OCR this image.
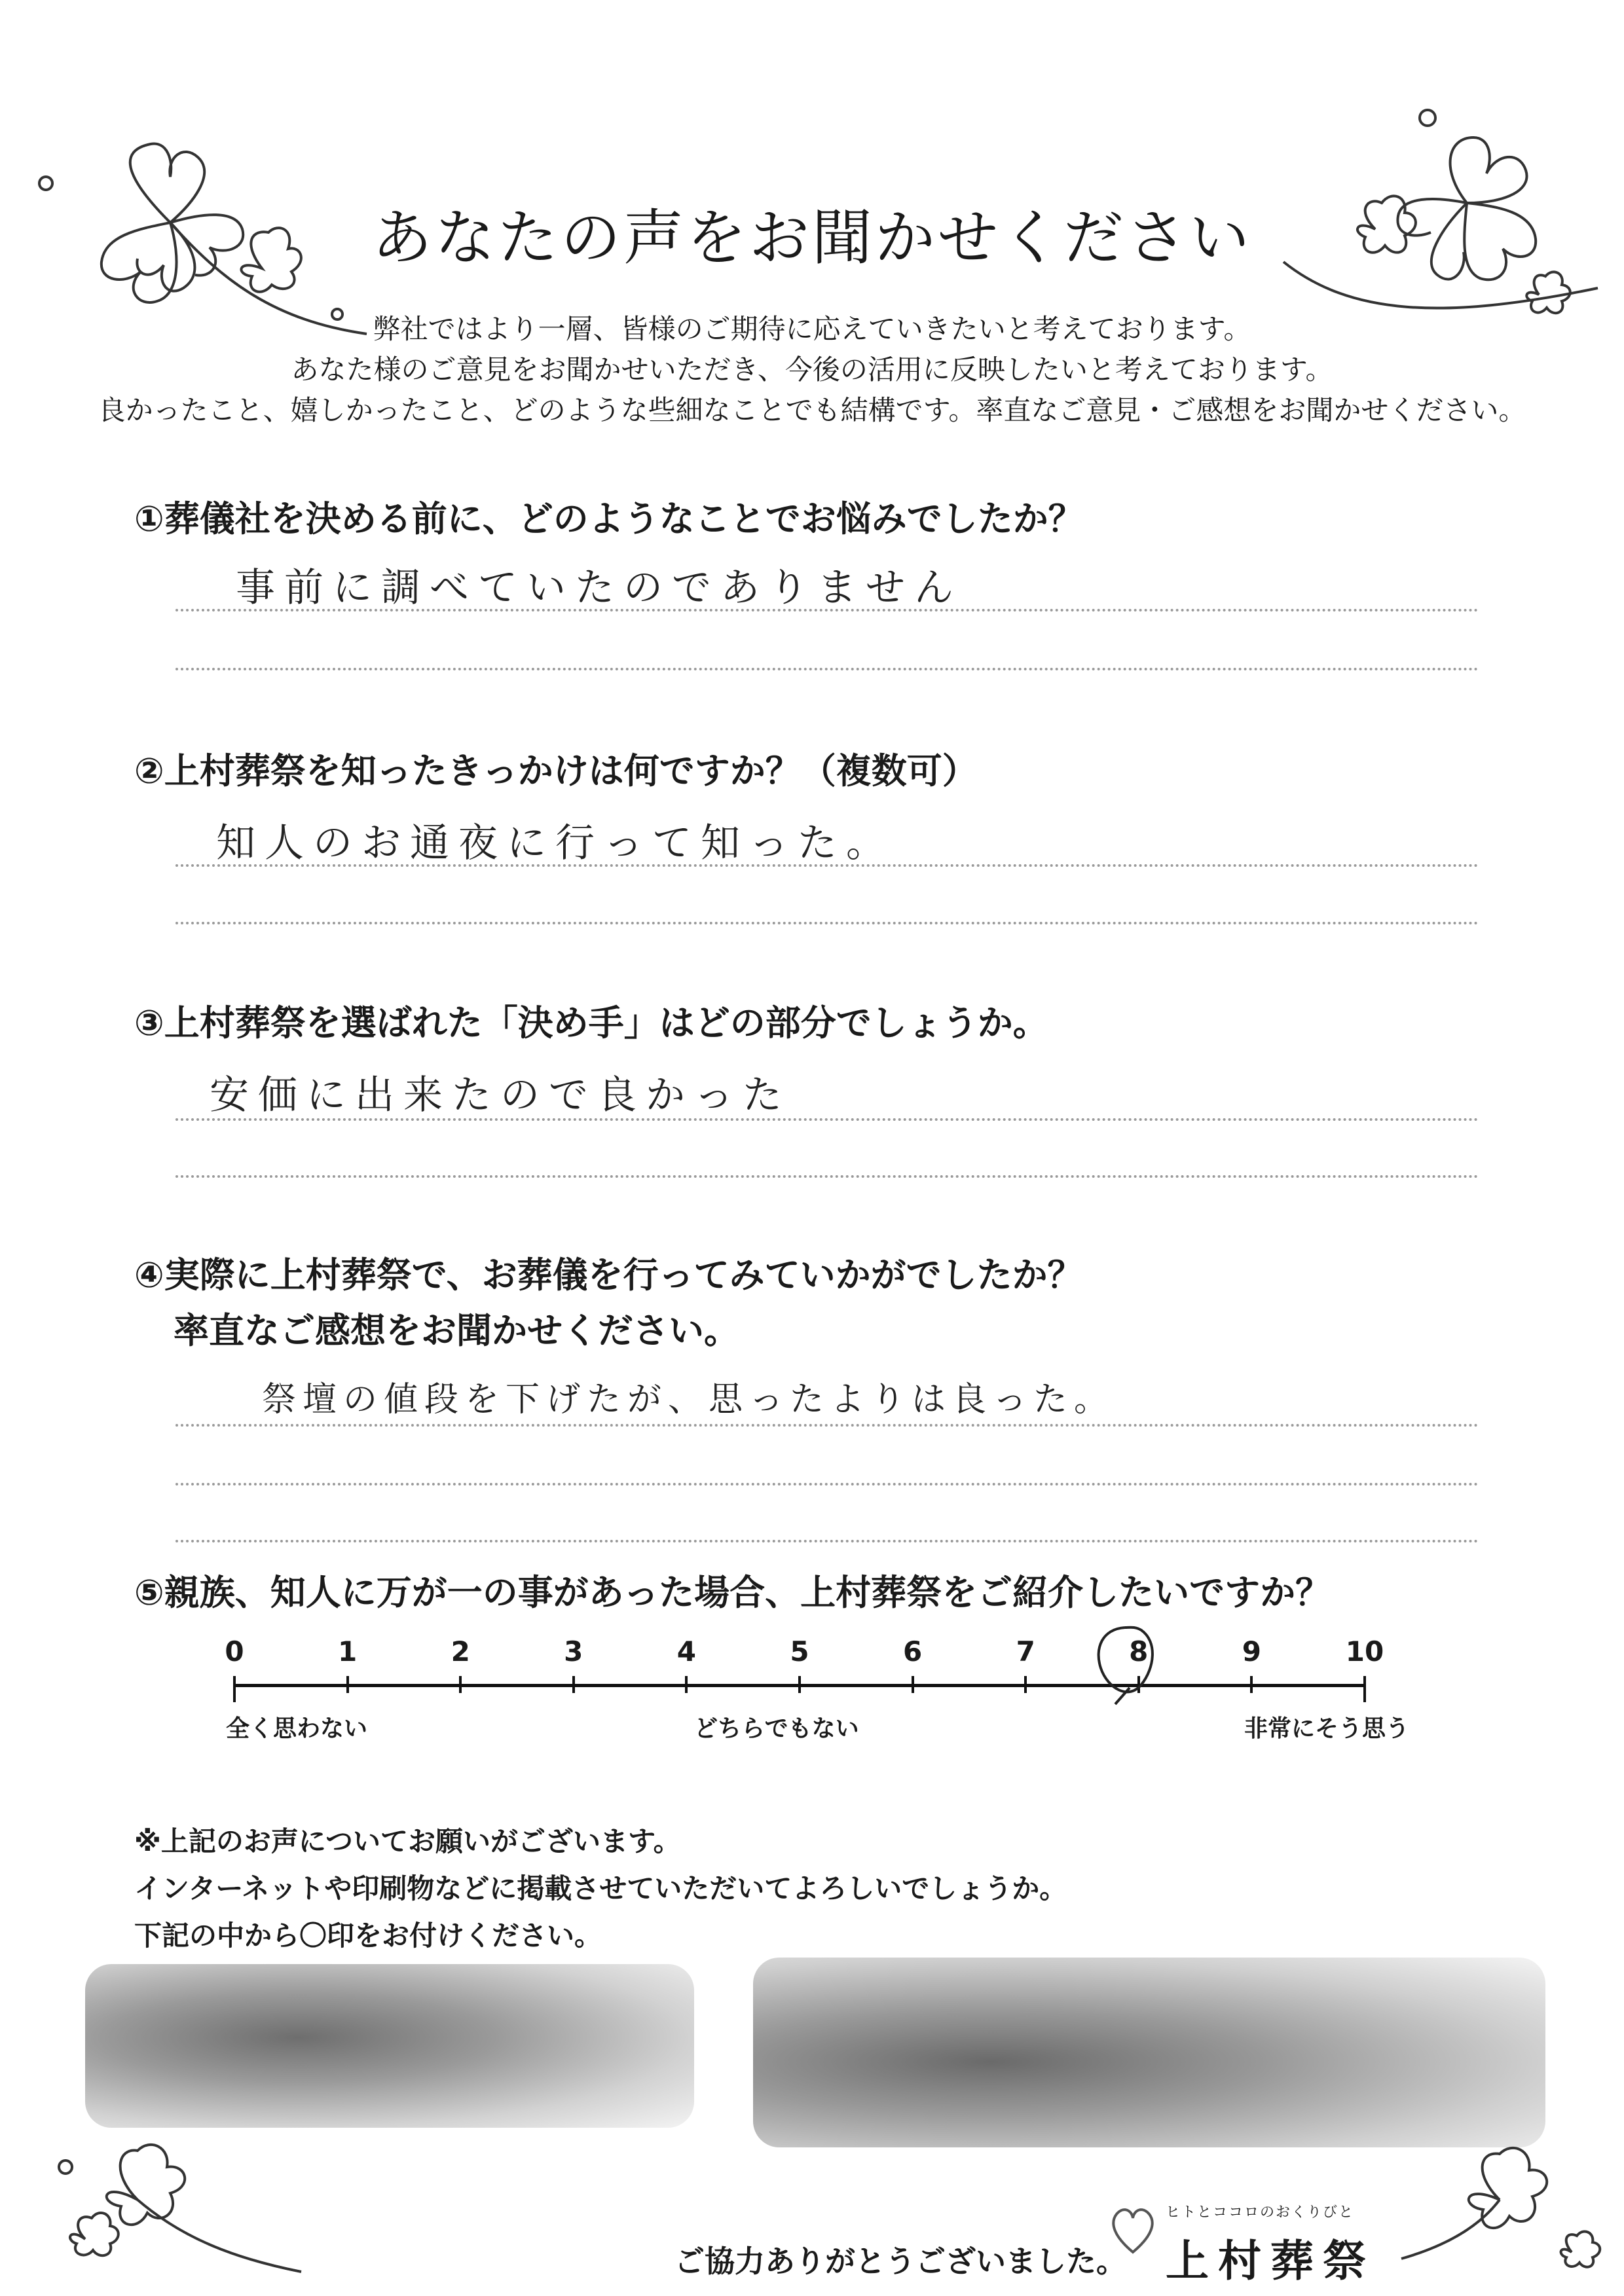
あなたの声をお聞かせください
弊社ではより一層、皆様のご期待に応えていきたいと考えております。
あなた様のご意見をお聞かせいただき、今後の活用に反映したいと考えております。
良かったこと、嬉しかったこと、どのような些細なことでも結構です。率直なご意見・ご感想をお聞かせください。
①葬儀社を決める前に、どのようなことでお悩みでしたか？
事前に調べていたのでありません
②上村葬祭を知ったきっかけは何ですか？（複数可）
知人のお通夜に行って知った。
③上村葬祭を選ばれた「決め手」はどの部分でしょうか。
安価に出来たので良かった
④実際に上村葬祭で、お葬儀を行ってみていかがでしたか？
率直なご感想をお聞かせください。
祭壇の値段を下げたが、思ったよりは良った。
⑤親族、知人に万が一の事があった場合、上村葬祭をご紹介したいですか？
0	1	2	3	4	5	6	7	8	9	10
全く思わない	どちらでもない	非常にそう思う
※上記のお声についてお願いがございます。
インターネットや印刷物などに掲載させていただいてよろしいでしょうか。
下記の中から〇印をお付けください。
ご協力ありがとうございました。
ヒトとココロのおくりびと
上村葬祭
